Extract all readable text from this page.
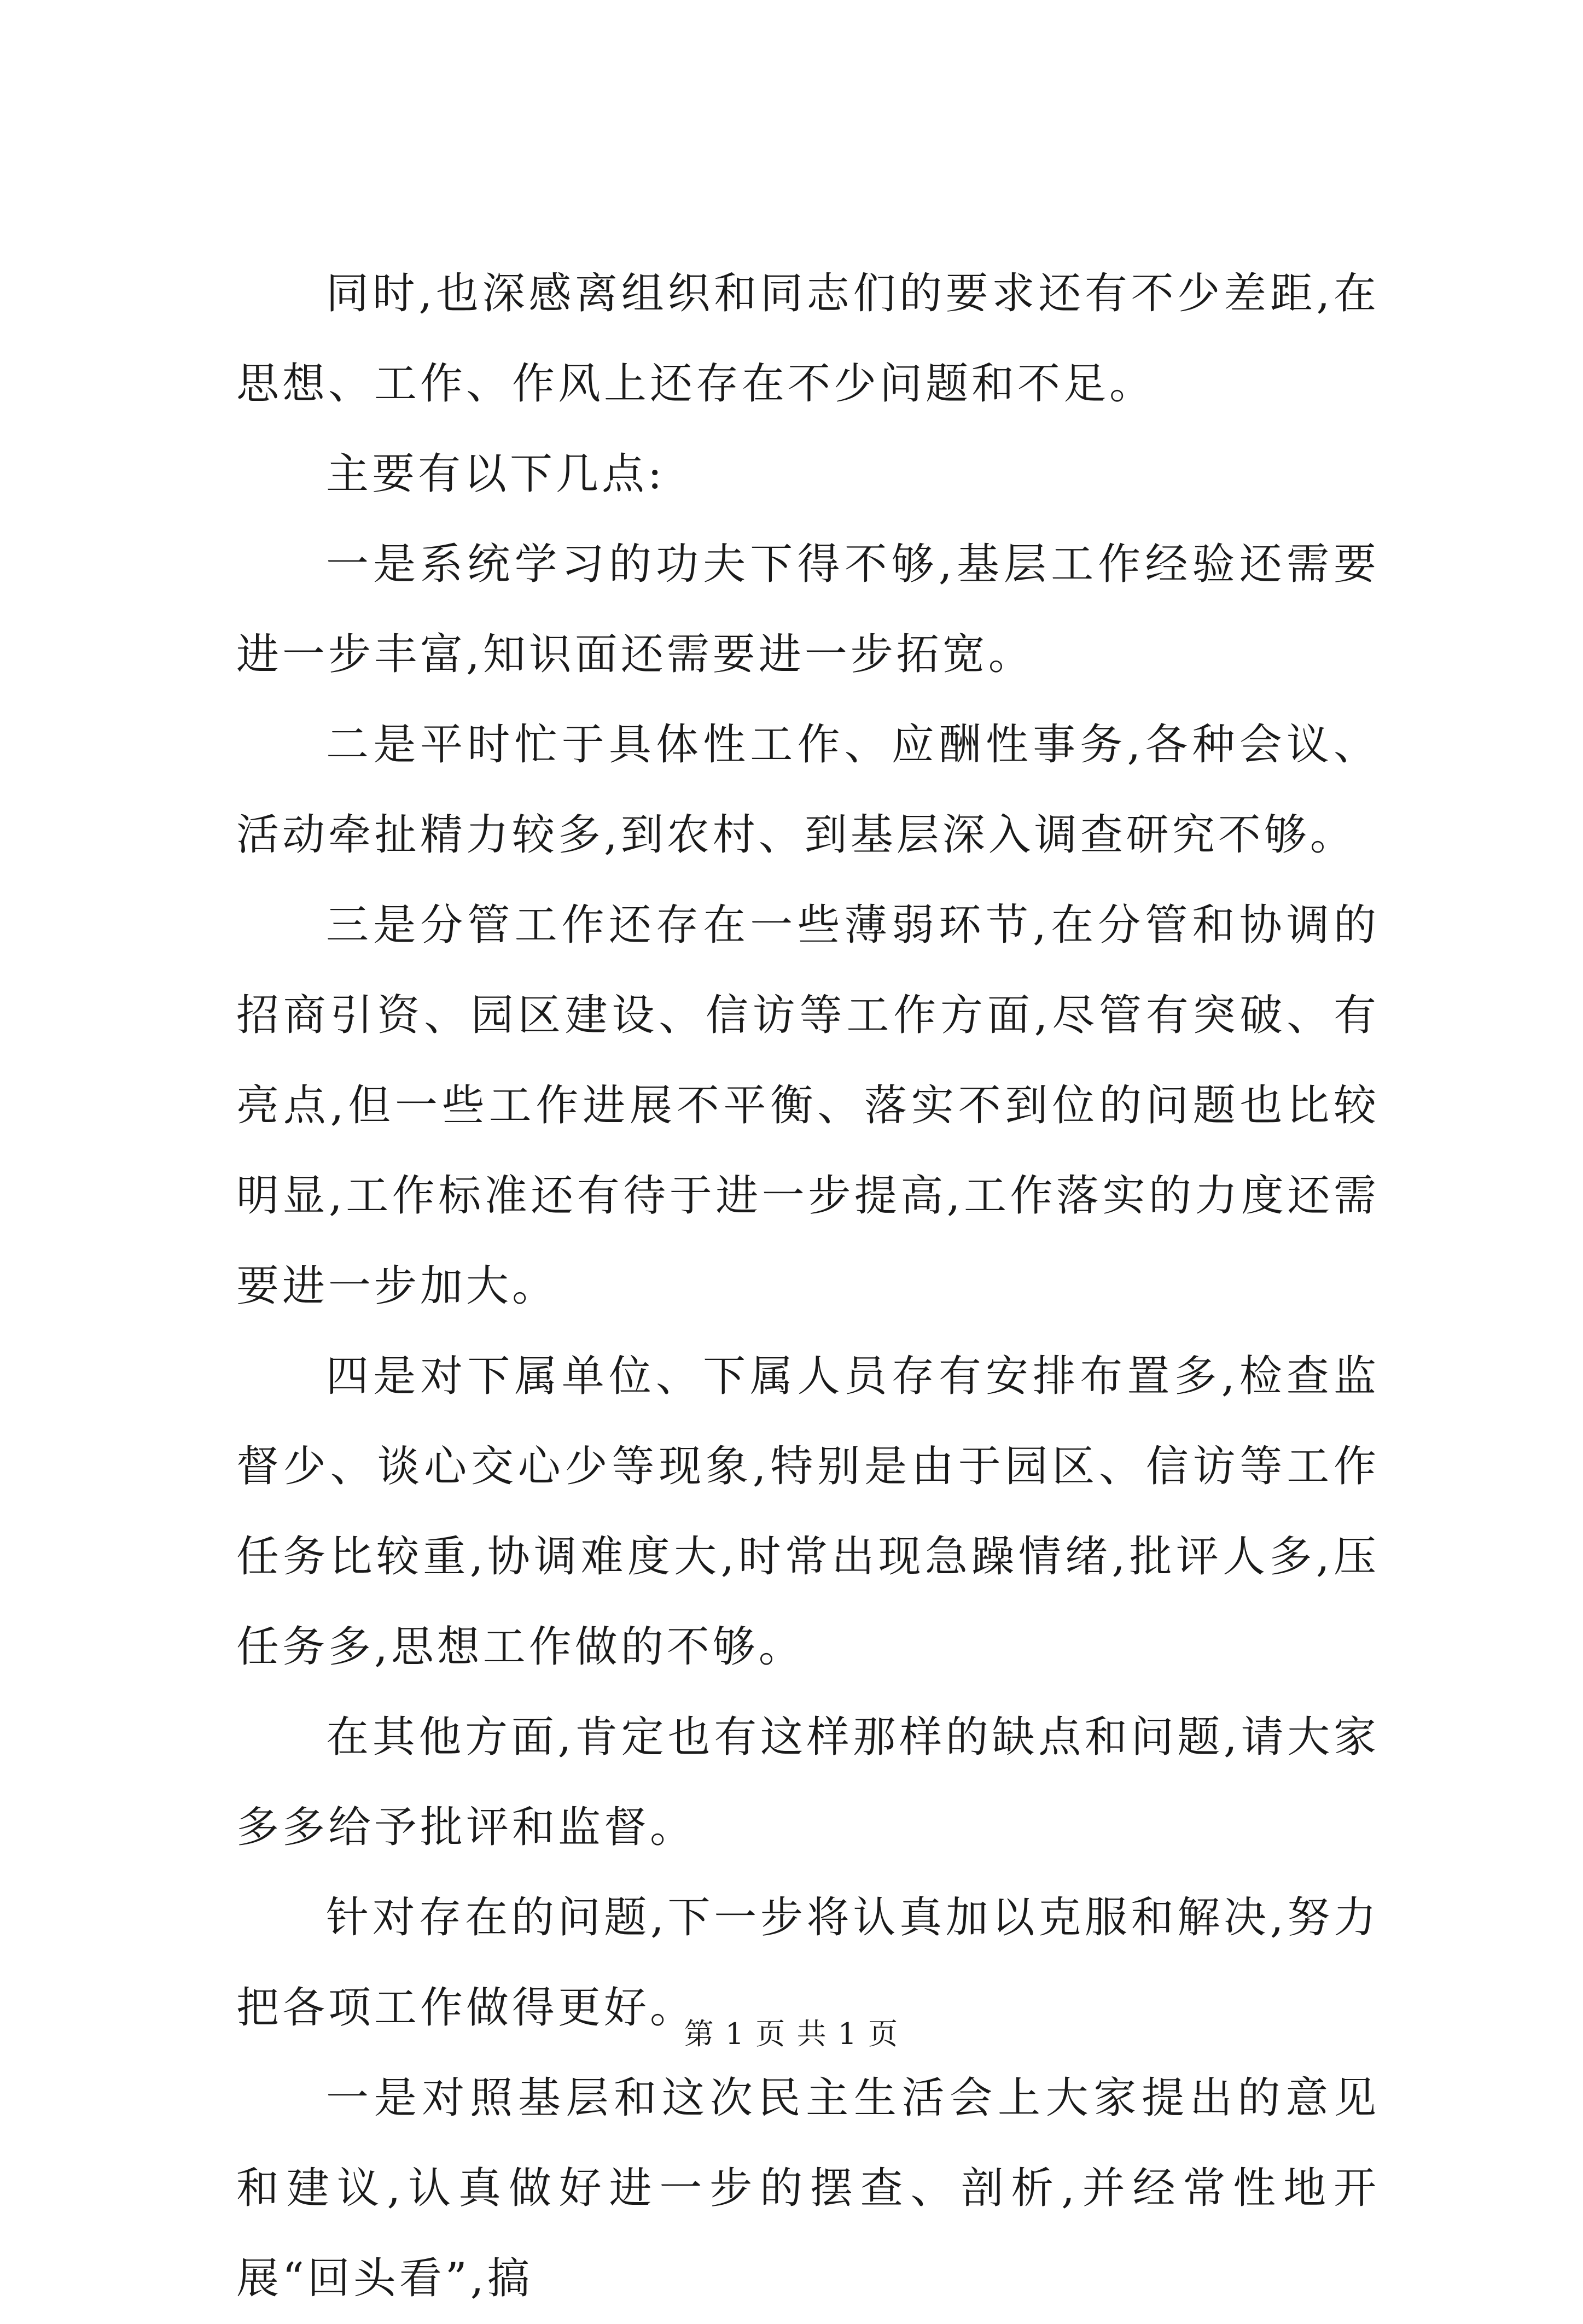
同时,也深感离组织和同志们的要求还有不少差距,在思想、工作、作风上还存在不少问题和不足。

主要有以下几点:

一是系统学习的功夫下得不够,基层工作经验还需要进一步丰富,知识面还需要进一步拓宽。

二是平时忙于具体性工作、应酬性事务,各种会议、活动牵扯精力较多,到农村、到基层深入调查研究不够。

三是分管工作还存在一些薄弱环节,在分管和协调的招商引资、园区建设、信访等工作方面,尽管有突破、有亮点,但一些工作进展不平衡、落实不到位的问题也比较明显,工作标准还有待于进一步提高,工作落实的力度还需要进一步加大。

四是对下属单位、下属人员存有安排布置多,检查监督少、谈心交心少等现象,特别是由于园区、信访等工作任务比较重,协调难度大,时常出现急躁情绪,批评人多,压任务多,思想工作做的不够。

在其他方面,肯定也有这样那样的缺点和问题,请大家多多给予批评和监督。

针对存在的问题,下一步将认真加以克服和解决,努力把各项工作做得更好。

一是对照基层和这次民主生活会上大家提出的意见和建议,认真做好进一步的摆查、剖析,并经常性地开展“回头看”,搞

第 1 页 共 1 页
